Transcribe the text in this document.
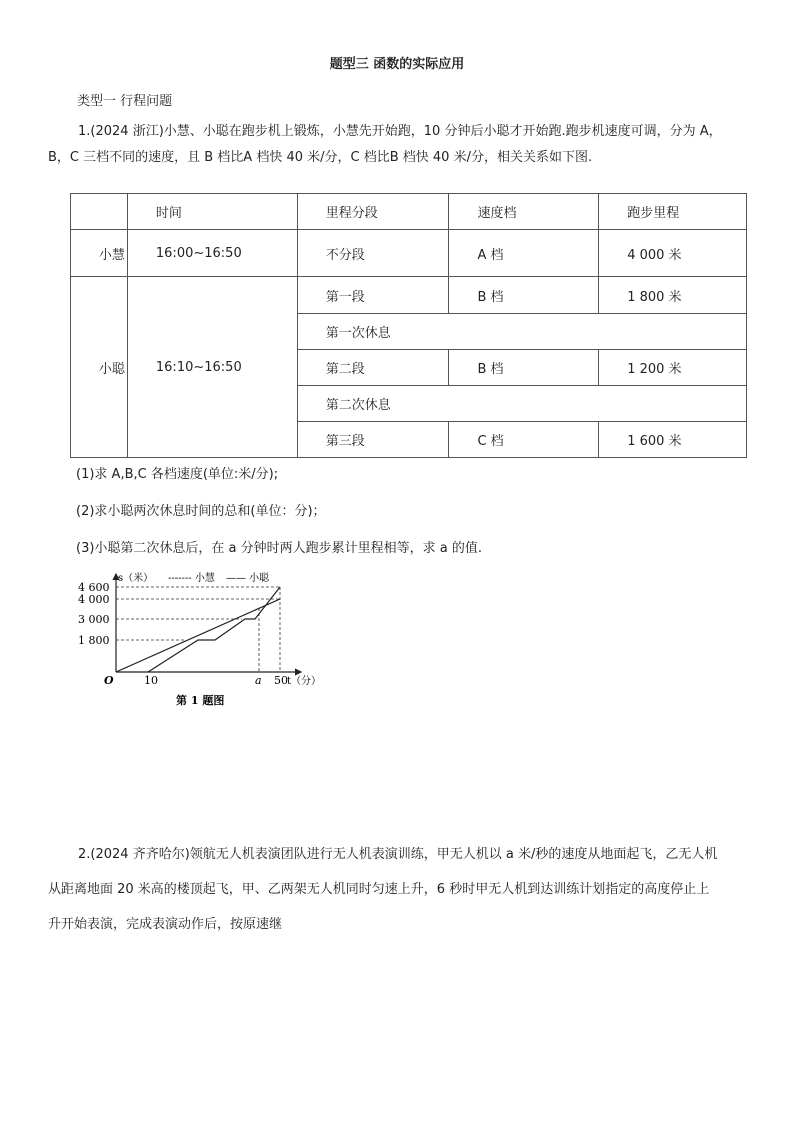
题型三 函数的实际应用
类型一 行程问题
1.(2024 浙江)小慧、小聪在跑步机上锻炼，小慧先开始跑，10 分钟后小聪才开始跑.跑步机速度可调，分为 A，
B，C 三档不同的速度，且 B 档比A 档快 40 米/分，C 档比B 档快 40 米/分，相关关系如下图.

	时间	里程分段	速度档	跑步里程

小慧	16:00~16:50	不分段	A 档	4 000 米

小聪	16:10~16:50	第一段	B 档	1 800 米

		第一次休息		

		第二段	B 档	1 200 米

		第二次休息		

		第三段	C 档	1 600 米
(1)求 A,B,C 各档速度(单位:米/分);
(2)求小聪两次休息时间的总和(单位：分)；
(3)小聪第二次休息后，在 a 分钟时两人跑步累计里程相等，求 a 的值.
4 600
4 000
3 000
1 800
s（米） ------- 小慧 —— 小聪
O	10	a 50 t（分）
第 1 题图
2.(2024 齐齐哈尔)领航无人机表演团队进行无人机表演训练，甲无人机以 a 米/秒的速度从地面起飞，乙无人机
从距离地面 20 米高的楼顶起飞，甲、乙两架无人机同时匀速上升，6 秒时甲无人机到达训练计划指定的高度停止上
升开始表演，完成表演动作后，按原速继
